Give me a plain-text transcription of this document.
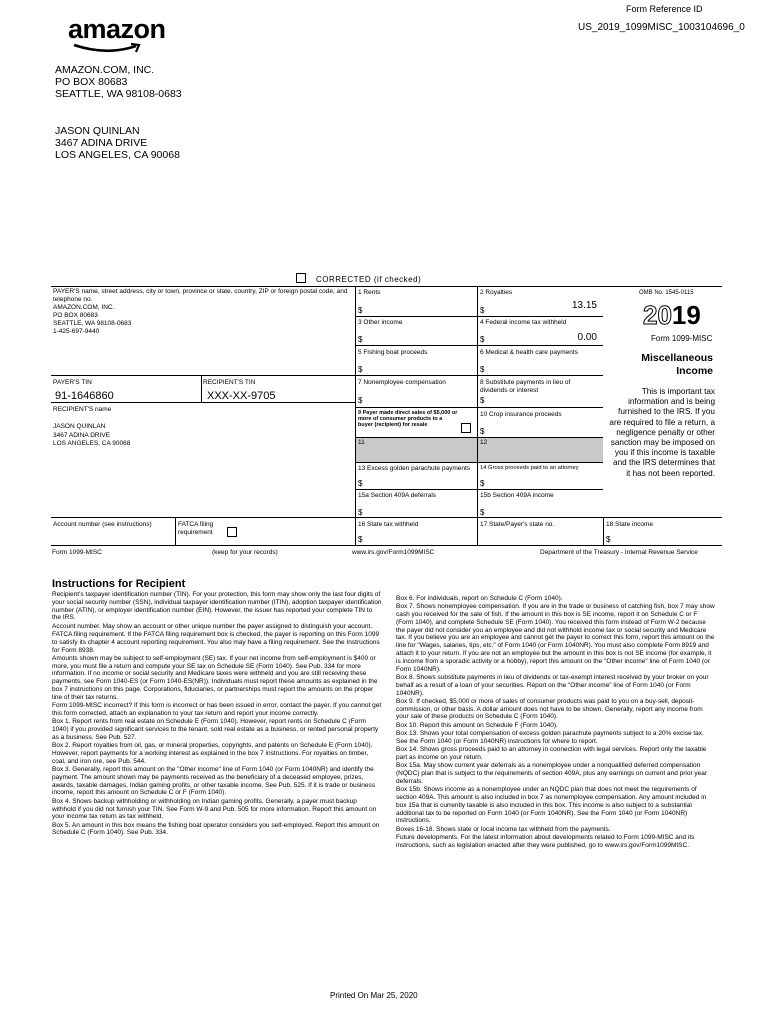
amazon
Form Reference ID
US_2019_1099MISC_1003104696_0
AMAZON.COM, INC.
PO BOX 80683
SEATTLE, WA 98108-0683
JASON QUINLAN
3467 ADINA DRIVE
LOS ANGELES, CA 90068
CORRECTED (if checked)
PAYER'S name, street address, city or town, province or state, country, ZIP or foreign postal code, and telephone no.
AMAZON.COM, INC.
PO BOX 80683
SEATTLE, WA 98108-0683
1-425-697-9440
PAYER'S TIN
91-1646860
RECIPIENT'S TIN
XXX-XX-9705
RECIPIENT'S name
JASON QUINLAN
3467 ADINA DRIVE
LOS ANGELES, CA 90068
Account number (see instructions)	FATCA filing requirement
1 Rents
$
3 Other income
$
5 Fishing boat proceeds
$
7 Nonemployee compensation
$
9 Payer made direct sales of $5,000 or more of consumer products to a buyer (recipient) for resale
11
13 Excess golden parachute payments
$
15a Section 409A deferrals
$
16 State tax withheld
$
2 Royalties
$	13.15
4 Federal income tax withheld
$	0.00
6 Medical & health care payments
$
8 Substitute payments in lieu of dividends or interest
$
10 Crop insurance proceeds
$
12
14 Gross proceeds paid to an attorney
$
15b Section 409A income
$
17 State/Payer's state no.	18 State income
$
OMB No. 1545-0115
2019
Form 1099-MISC
Miscellaneous Income
This is important tax information and is being furnished to the IRS. If you are required to file a return, a negligence penalty or other sanction may be imposed on you if this income is taxable and the IRS determines that it has not been reported.
Form 1099-MISC	(keep for your records)	www.irs.gov/Form1099MISC	Department of the Treasury - Internal Revenue Service
Instructions for Recipient

Recipient's taxpayer identification number (TIN). For your protection, this form may show only the last four digits of your social security number (SSN), individual taxpayer identification number (ITIN), adoption taxpayer identification number (ATIN), or employer identification number (EIN). However, the issuer has reported your complete TIN to the IRS.

Account number. May show an account or other unique number the payer assigned to distinguish your account.

FATCA filing requirement. If the FATCA filing requirement box is checked, the payer is reporting on this Form 1099 to satisfy its chapter 4 account reporting requirement. You also may have a filing requirement. See the Instructions for Form 8938.

Amounts shown may be subject to self-employment (SE) tax. If your net income from self-employment is $400 or more, you must file a return and compute your SE tax on Schedule SE (Form 1040). See Pub. 334 for more information. If no income or social security and Medicare taxes were withheld and you are still receiving these payments, see Form 1040-ES (or Form 1040-ES(NR)). Individuals must report these amounts as explained in the box 7 instructions on this page. Corporations, fiduciaries, or partnerships must report the amounts on the proper line of their tax returns.

Form 1099-MISC incorrect? If this form is incorrect or has been issued in error, contact the payer. If you cannot get this form corrected, attach an explanation to your tax return and report your income correctly.

Box 1. Report rents from real estate on Schedule E (Form 1040). However, report rents on Schedule C (Form 1040) if you provided significant services to the tenant, sold real estate as a business, or rented personal property as a business. See Pub. 527.

Box 2. Report royalties from oil, gas, or mineral properties, copyrights, and patents on Schedule E (Form 1040). However, report payments for a working interest as explained in the box 7 instructions. For royalties on timber, coal, and iron ore, see Pub. 544.

Box 3. Generally, report this amount on the "Other income" line of Form 1040 (or Form 1040NR) and identify the payment. The amount shown may be payments received as the beneficiary of a deceased employee, prizes, awards, taxable damages, Indian gaming profits, or other taxable income. See Pub. 525. If it is trade or business income, report this amount on Schedule C or F (Form 1040).

Box 4. Shows backup withholding or withholding on Indian gaming profits. Generally, a payer must backup withhold if you did not furnish your TIN. See Form W-9 and Pub. 505 for more information. Report this amount on your income tax return as tax withheld.

Box 5. An amount in this box means the fishing boat operator considers you self-employed. Report this amount on Schedule C (Form 1040). See Pub. 334.

Box 6. For individuals, report on Schedule C (Form 1040).

Box 7. Shows nonemployee compensation. If you are in the trade or business of catching fish, box 7 may show cash you received for the sale of fish. If the amount in this box is SE income, report it on Schedule C or F (Form 1040), and complete Schedule SE (Form 1040). You received this form instead of Form W-2 because the payer did not consider you an employee and did not withhold income tax or social security and Medicare tax. If you believe you are an employee and cannot get the payer to correct this form, report this amount on the line for "Wages, salaries, tips, etc." of Form 1040 (or Form 1040NR). You must also complete Form 8919 and attach it to your return. If you are not an employee but the amount in this box is not SE income (for example, it is income from a sporadic activity or a hobby), report this amount on the "Other income" line of Form 1040 (or Form 1040NR).

Box 8. Shows substitute payments in lieu of dividends or tax-exempt interest received by your broker on your behalf as a result of a loan of your securities. Report on the "Other income" line of Form 1040 (or Form 1040NR).

Box 9. If checked, $5,000 or more of sales of consumer products was paid to you on a buy-sell, deposit-commission, or other basis. A dollar amount does not have to be shown. Generally, report any income from your sale of these products on Schedule C (Form 1040).

Box 10. Report this amount on Schedule F (Form 1040).

Box 13. Shows your total compensation of excess golden parachute payments subject to a 20% excise tax. See the Form 1040 (or Form 1040NR) instructions for where to report.

Box 14. Shows gross proceeds paid to an attorney in connection with legal services. Report only the taxable part as income on your return.

Box 15a. May show current year deferrals as a nonemployee under a nonqualified deferred compensation (NQDC) plan that is subject to the requirements of section 409A, plus any earnings on current and prior year deferrals.

Box 15b. Shows income as a nonemployee under an NQDC plan that does not meet the requirements of section 409A. This amount is also included in box 7 as nonemployee compensation. Any amount included in box 15a that is currently taxable is also included in this box. This income is also subject to a substantial additional tax to be reported on Form 1040 (or Form 1040NR). See the Form 1040 (or Form 1040NR) instructions.

Boxes 16-18. Shows state or local income tax withheld from the payments.

Future developments. For the latest information about developments related to Form 1099-MISC and its instructions, such as legislation enacted after they were published, go to www.irs.gov/Form1099MISC.

Printed On Mar 25, 2020
